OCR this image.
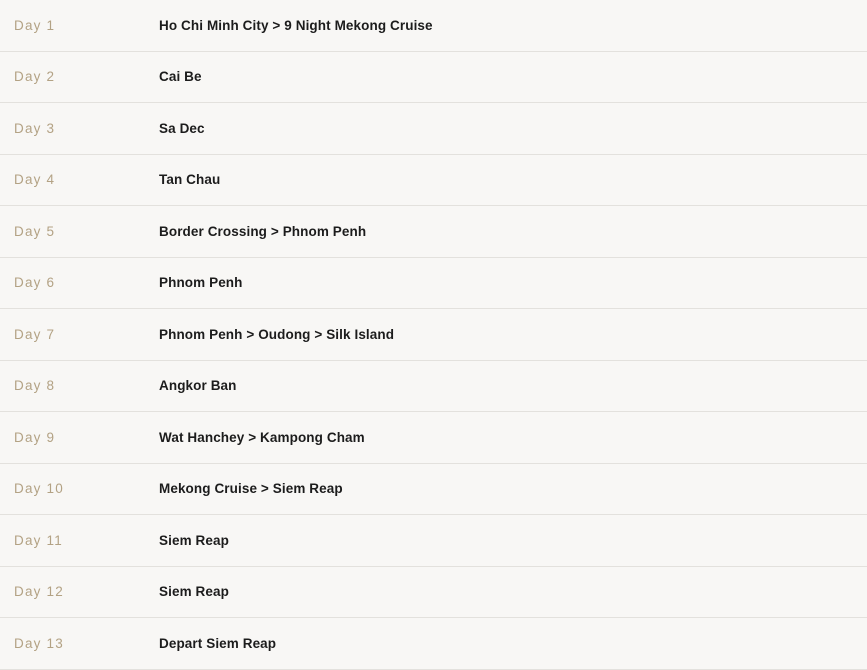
Day 1	Ho Chi Minh City > 9 Night Mekong Cruise
Day 2	Cai Be
Day 3	Sa Dec
Day 4	Tan Chau
Day 5	Border Crossing > Phnom Penh
Day 6	Phnom Penh
Day 7	Phnom Penh > Oudong > Silk Island
Day 8	Angkor Ban
Day 9	Wat Hanchey > Kampong Cham
Day 10	Mekong Cruise > Siem Reap
Day 11	Siem Reap
Day 12	Siem Reap
Day 13	Depart Siem Reap
